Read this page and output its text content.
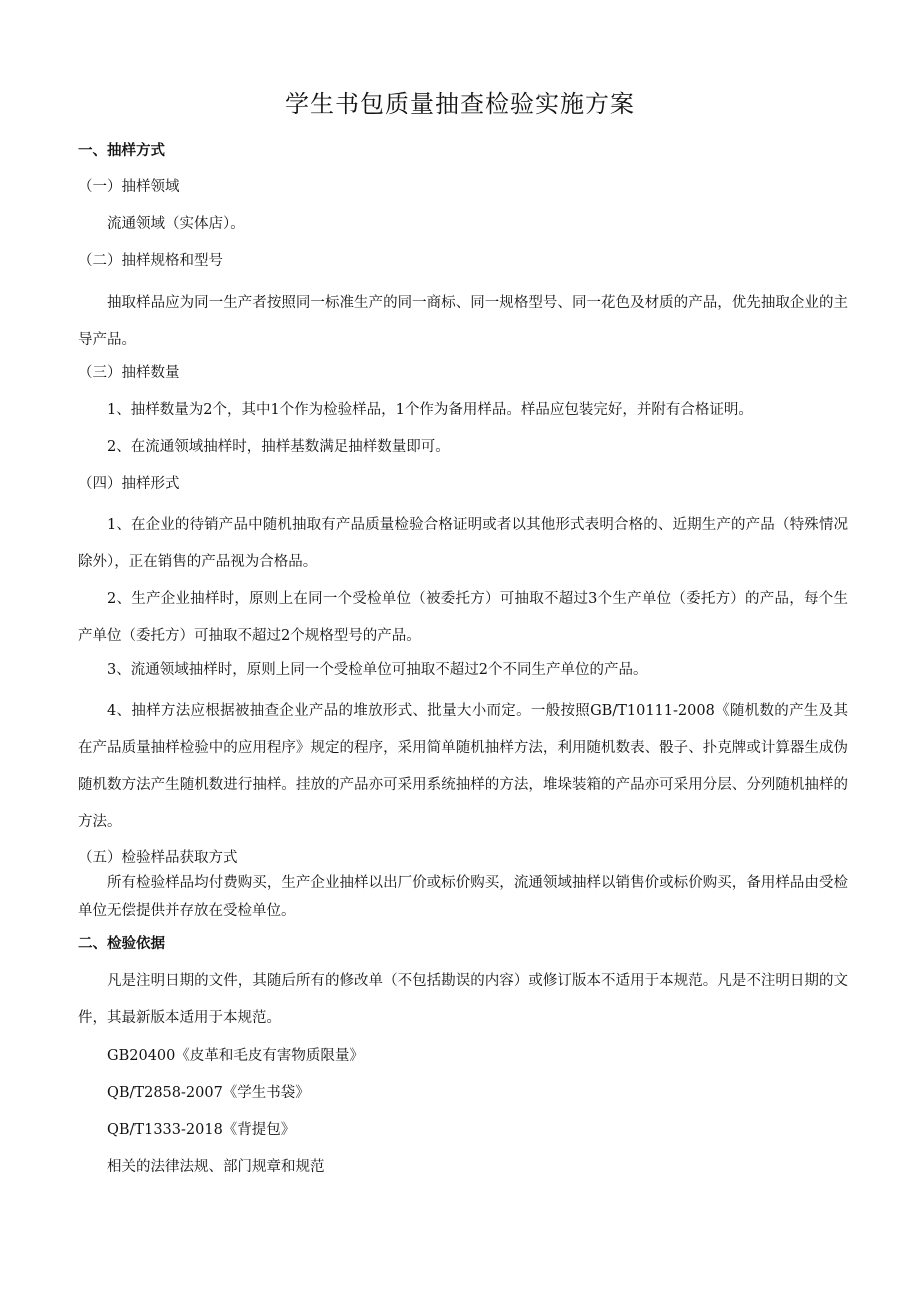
学生书包质量抽查检验实施方案
一、抽样方式
（一）抽样领域
流通领域（实体店）。
（二）抽样规格和型号
抽取样品应为同一生产者按照同一标准生产的同一商标、同一规格型号、同一花色及材质的产品，优先抽取企业的主导产品。
（三）抽样数量
1、抽样数量为2个，其中1个作为检验样品，1个作为备用样品。样品应包装完好，并附有合格证明。
2、在流通领域抽样时，抽样基数满足抽样数量即可。
（四）抽样形式
1、在企业的待销产品中随机抽取有产品质量检验合格证明或者以其他形式表明合格的、近期生产的产品（特殊情况除外），正在销售的产品视为合格品。
2、生产企业抽样时，原则上在同一个受检单位（被委托方）可抽取不超过3个生产单位（委托方）的产品，每个生产单位（委托方）可抽取不超过2个规格型号的产品。
3、流通领域抽样时，原则上同一个受检单位可抽取不超过2个不同生产单位的产品。
4、抽样方法应根据被抽查企业产品的堆放形式、批量大小而定。一般按照GB/T10111-2008《随机数的产生及其在产品质量抽样检验中的应用程序》规定的程序，采用简单随机抽样方法，利用随机数表、骰子、扑克牌或计算器生成伪随机数方法产生随机数进行抽样。挂放的产品亦可采用系统抽样的方法，堆垛装箱的产品亦可采用分层、分列随机抽样的方法。
（五）检验样品获取方式
所有检验样品均付费购买，生产企业抽样以出厂价或标价购买，流通领域抽样以销售价或标价购买，备用样品由受检单位无偿提供并存放在受检单位。
二、检验依据
凡是注明日期的文件，其随后所有的修改单（不包括勘误的内容）或修订版本不适用于本规范。凡是不注明日期的文件，其最新版本适用于本规范。
GB20400《皮革和毛皮有害物质限量》
QB/T2858-2007《学生书袋》
QB/T1333-2018《背提包》
相关的法律法规、部门规章和规范
